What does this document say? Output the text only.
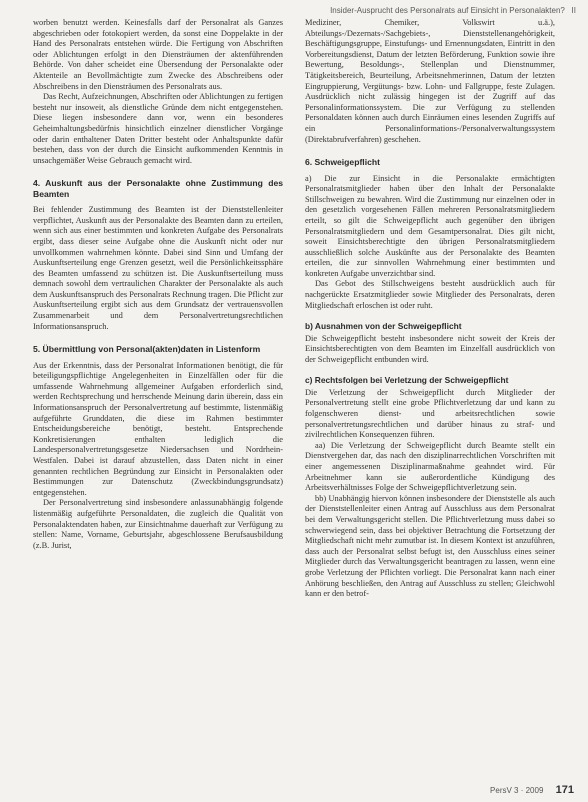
Insider-Ausprucht des Personalrats auf Einsicht in Personalakten? II

worben benutzt werden. Keinesfalls darf der Personalrat als Ganzes abgeschrieben oder fotokopiert werden, da sonst eine Doppelakte in der Hand des Personalrats entstehen würde. Die Fertigung von Abschriften oder Ablichtungen erfolgt in den Diensträumen der aktenführenden Behörde. Von daher scheidet eine Übersendung der Personalakte oder Aktenteile an Bevollmächtigte zum Zwecke des Abschreibens oder Abschreibens in den Diensträumen des Personalrats aus.

Das Recht, Aufzeichnungen, Abschriften oder Ablichtungen zu fertigen besteht nur insoweit, als dienstliche Gründe dem nicht entgegenstehen. Diese liegen insbesondere dann vor, wenn ein besonderes Geheimhaltungsbedürfnis hinsichtlich einzelner dienstlicher Vorgänge oder darin enthaltener Daten Dritter besteht oder Anhaltspunkte dafür bestehen, dass von der durch die Einsicht aufkommenden Kenntnis in unsachgemäßer Weise Gebrauch gemacht wird.

4. Auskunft aus der Personalakte ohne Zustimmung des Beamten

Bei fehlender Zustimmung des Beamten ist der Dienststellenleiter verpflichtet, Auskunft aus der Personalakte des Beamten dann zu erteilen, wenn sich aus einer bestimmten und konkreten Aufgabe des Personalrats ergibt, dass dieser seine Aufgabe ohne die Auskunft nicht oder nur unvollkommen wahrnehmen könnte. Dabei sind Sinn und Umfang der Auskunftserteilung enge Grenzen gesetzt, weil die Persönlichkeitssphäre des Beamten umfassend zu schützen ist. Die Auskunftserteilung muss demnach sowohl dem vertraulichen Charakter der Personalakte als auch dem Auskunftsanspruch des Personalrats Rechnung tragen. Die Pflicht zur Auskunftserteilung ergibt sich aus dem Grundsatz der vertrauensvollen Zusammenarbeit und dem Personalvertretungsrechtlichen Informationsanspruch.

5. Übermittlung von Personal(akten)daten in Listenform

Aus der Erkenntnis, dass der Personalrat Informationen benötigt, die für beteiligungspflichtige Angelegenheiten in Einzelfällen oder für die umfassende Wahrnehmung allgemeiner Aufgaben erforderlich sind, werden Rechtsprechung und herrschende Meinung darin überein, dass ein Informationsanspruch der Personalvertretung auf bestimmte, listenmäßig aufgeführte Grunddaten, die diese im Rahmen bestimmter Entscheidungsbereiche benötigt, besteht. Entsprechende Konkretisierungen enthalten lediglich die Landespersonalvertretungsgesetze Niedersachsen und Nordrhein-Westfalen. Dabei ist darauf abzustellen, dass Daten nicht in einer genannten rechtlichen Begründung zur Einsicht in Personalakten oder Bestimmungen zur Datenschutz (Zweckbindungsgrundsatz) entgegenstehen.

Der Personalvertretung sind insbesondere anlassunabhängig folgende listenmäßig aufgeführte Personaldaten, die zugleich die Qualität von Personalaktendaten haben, zur Einsichtnahme dauerhaft zur Verfügung zu stellen: Name, Vorname, Geburtsjahr, abgeschlossene Berufsausbildung (z.B. Jurist,

Mediziner, Chemiker, Volkswirt u.ä.), Abteilungs-/Dezernats-/Sachgebiets-, Dienststellenangehörigkeit, Beschäftigungsgruppe, Einstufungs- und Ernennungsdaten, Eintritt in den Vorbereitungsdienst, Datum der letzten Beförderung, Funktion sowie ihre Bewertung, Besoldungs-, Stellenplan und Dienstnummer, Tätigkeitsbereich, Beurteilung, Arbeitsnehmerinnen, Datum der letzten Eingruppierung, Vergütungs- bzw. Lohn- und Fallgruppe, feste Zulagen. Ausdrücklich nicht zulässig hingegen ist der Zugriff auf das Personalinformationssystem. Die zur Verfügung zu stellenden Personaldaten können auch durch Einräumen eines lesenden Zugriffs auf ein Personalinformations-/Personalverwaltungssystem (Direktabrufverfahren) geschehen.

6. Schweigepflicht

a) Die zur Einsicht in die Personalakte ermächtigten Personalratsmitglieder haben über den Inhalt der Personalakte Stillschweigen zu bewahren. Wird die Zustimmung nur einzelnen oder in den gesetzlich vorgesehenen Fällen mehreren Personalratsmitgliedern erteilt, so gilt die Schweigepflicht auch gegenüber den übrigen Personalratsmitgliedern und dem Gesamtpersonalrat. Dies gilt nicht, soweit Einsichtsberechtigte den übrigen Personalratsmitgliedern ausschließlich solche Auskünfte aus der Personalakte des Beamten erteilen, die zur sinnvollen Wahrnehmung einer bestimmten und konkreten Aufgabe unverzichtbar sind.

Das Gebot des Stillschweigens besteht ausdrücklich auch für nachgerückte Ersatzmitglieder sowie Mitglieder des Personalrats, deren Mitgliedschaft erloschen ist oder ruht.

b) Ausnahmen von der Schweigepflicht

Die Schweigepflicht besteht insbesondere nicht soweit der Kreis der Einsichtsberechtigten von dem Beamten im Einzelfall ausdrücklich von der Schweigepflicht entbunden wird.

c) Rechtsfolgen bei Verletzung der Schweigepflicht

Die Verletzung der Schweigepflicht durch Mitglieder der Personalvertretung stellt eine grobe Pflichtverletzung dar und kann zu folgenschweren dienst- und arbeitsrechtlichen sowie personalvertretungsrechtlichen und darüber hinaus zu straf- und zivilrechtlichen Konsequenzen führen.

aa) Die Verletzung der Schweigepflicht durch Beamte stellt ein Dienstvergehen dar, das nach den disziplinarrechtlichen Vorschriften mit einer angemessenen Disziplinarmaßnahme geahndet wird. Für Arbeitnehmer kann sie außerordentliche Kündigung des Arbeitsverhältnisses Folge der Schweigepflichtverletzung sein.

bb) Unabhängig hiervon können insbesondere der Dienststelle als auch der Dienststellenleiter einen Antrag auf Ausschluss aus dem Personalrat bei dem Verwaltungsgericht stellen. Die Pflichtverletzung muss dabei so schwerwiegend sein, dass bei objektiver Betrachtung die Fortsetzung der Mitgliedschaft nicht mehr zumutbar ist. In diesem Kontext ist anzuführen, dass auch der Personalrat selbst befugt ist, den Ausschluss eines seiner Mitglieder durch das Verwaltungsgericht beantragen zu lassen, wenn eine grobe Verletzung der Pflichten vorliegt. Die Personalrat kann nach einer Anhörung beschließen, den Antrag auf Ausschluss zu stellen; Gleichwohl kann er den betrof-

PersV 3 · 2009 171
